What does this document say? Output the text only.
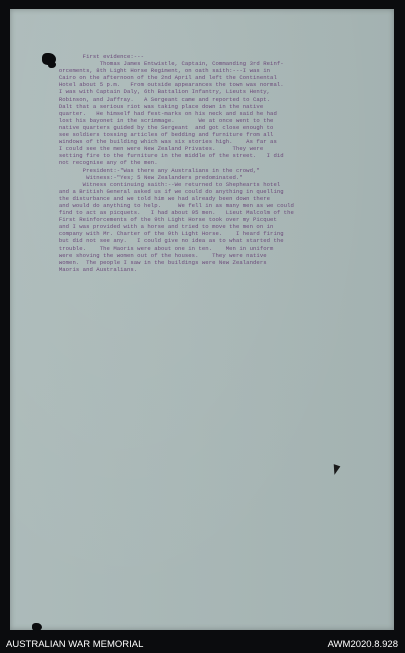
First evidence:---
Thomas James Entwistle, Captain, Commanding 3rd Reinf-
orcements, 8th Light Horse Regiment, on oath saith:---I was in
Cairo on the afternoon of the 2nd April and left the Continental
Hotel about 5 p.m.   From outside appearances the town was normal.
I was with Captain Daly, 6th Battalion Infantry, Lieuts Henty,
Robinson, and Jaffray.   A Sergeant came and reported to Capt.
Dalt that a serious riot was taking place down in the native
quarter.   He himself had fest-marks on his neck and said he had
lost his bayonet in the scrimmage.       We at once went to the
native quarters guided by the Sergeant  and got close enough to
see soldiers tossing articles of bedding and furniture from all
windows of the building which was six stories high.    As far as
I could see the men were New Zealand Privates.     They were
setting fire to the furniture in the middle of the street.   I did
not recognise any of the men.
President:-"Was there any Australians in the crowd,"
Witness:-"Yes; 5 New Zealanders predominated."
Witness continuing saith:--We returned to Shephearts hotel
and a British General asked us if we could do anything in quelling
the disturbance and we told him we had already been down there
and would do anything to help.     We fell in as many men as we could
find to act as picquets.   I had about 95 men.   Lieut Malcolm of the
First Reinforcements of the 9th Light Horse took over my Picquet
and I was provided with a horse and tried to move the men on in
company with Mr. Charter of the 9th Light Horse.    I heard firing
but did not see any.   I could give no idea as to what started the
trouble.    The Maoris were about one in ten.    Men in uniform
were shoving the women out of the houses.    They were native
women.  The people I saw in the buildings were New Zealanders
Maoris and Australians.
AUSTRALIAN WAR MEMORIAL	AWM2020.8.928
